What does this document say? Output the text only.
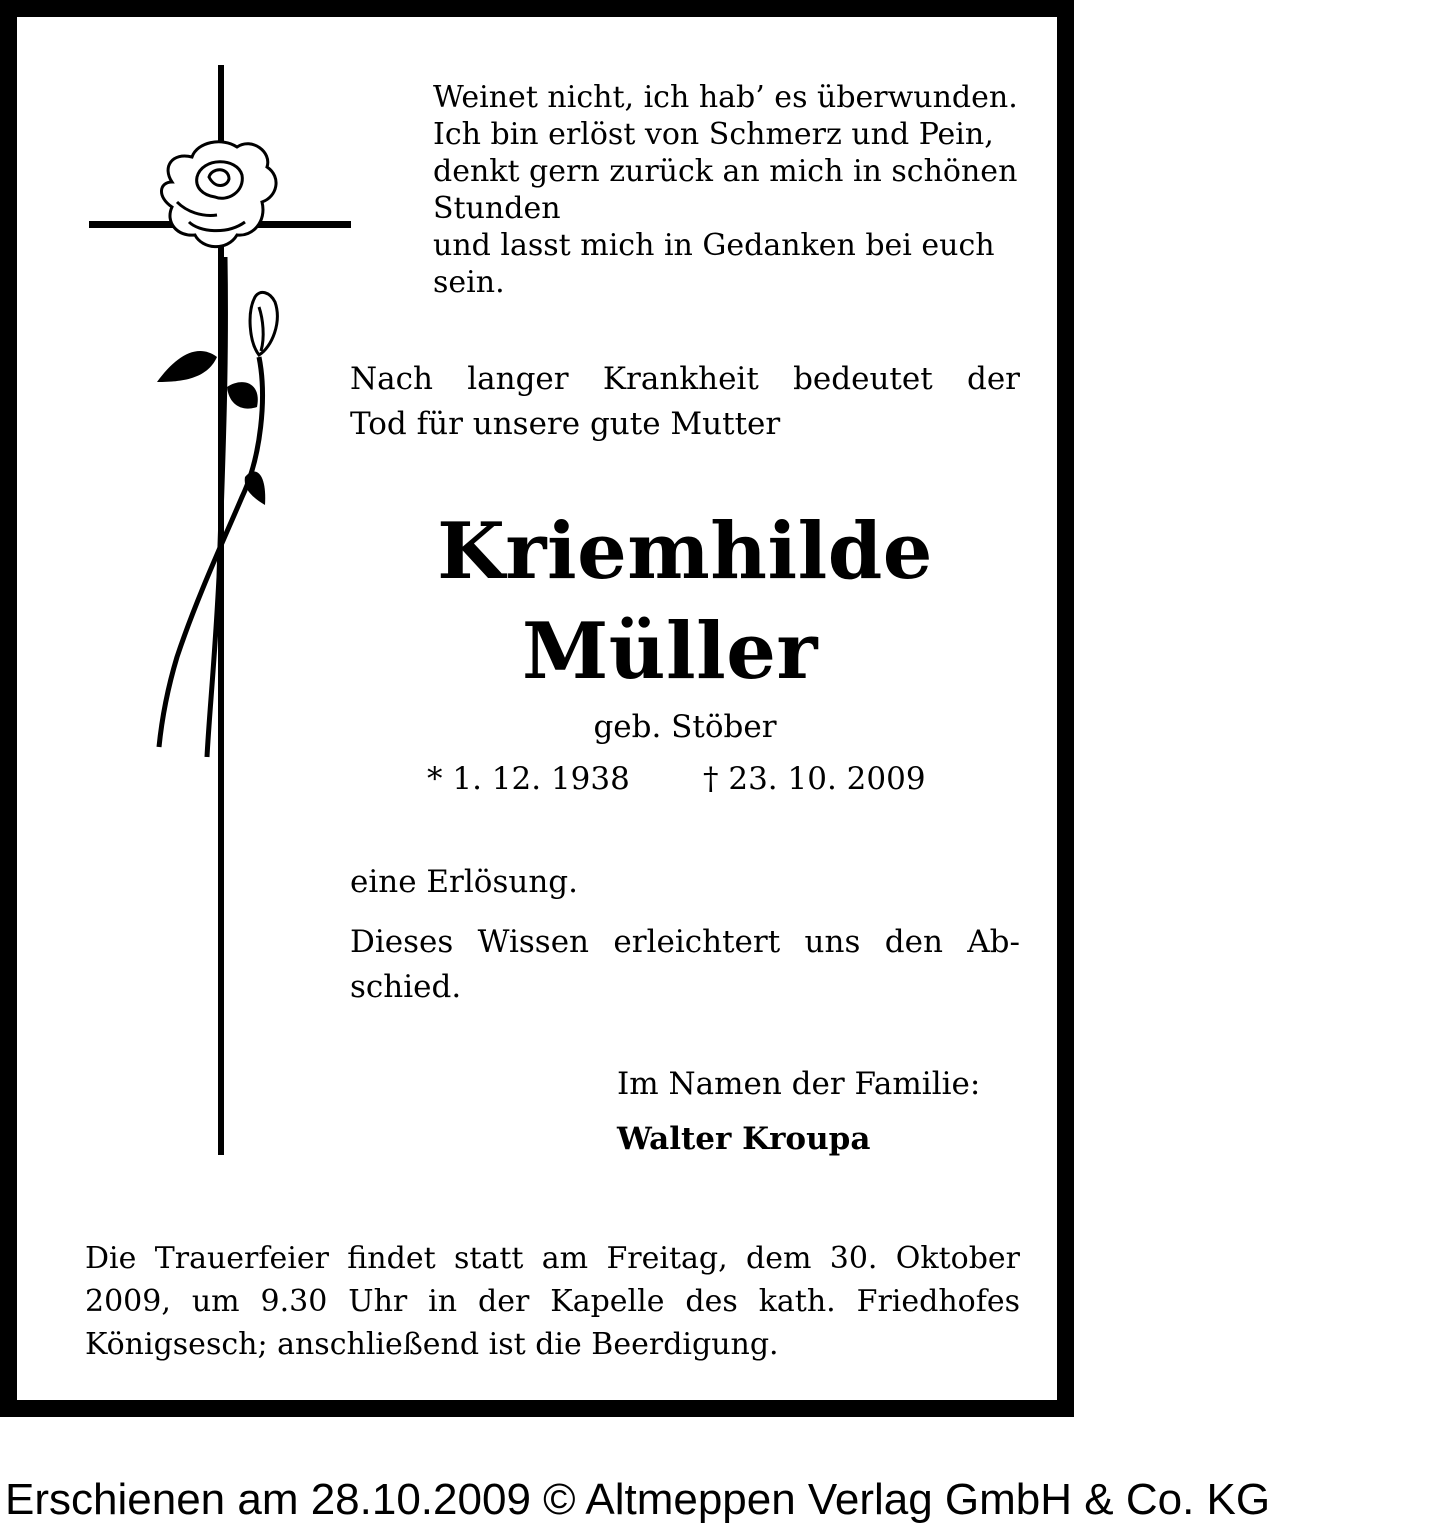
Weinet nicht, ich hab’ es überwunden.
Ich bin erlöst von Schmerz und Pein,
denkt gern zurück an mich in schönen
Stunden
und lasst mich in Gedanken bei euch
sein.
Nach langer Krankheit bedeutet der
Tod für unsere gute Mutter
Kriemhilde
Müller
geb. Stöber
* 1. 12. 1938 † 23. 10. 2009
eine Erlösung.
Dieses Wissen erleichtert uns den Ab-
schied.
Im Namen der Familie:
Walter Kroupa
Die Trauerfeier findet statt am Freitag, dem 30. Oktober
2009, um 9.30 Uhr in der Kapelle des kath. Friedhofes
Königsesch; anschließend ist die Beerdigung.
Erschienen am 28.10.2009 © Altmeppen Verlag GmbH & Co. KG
